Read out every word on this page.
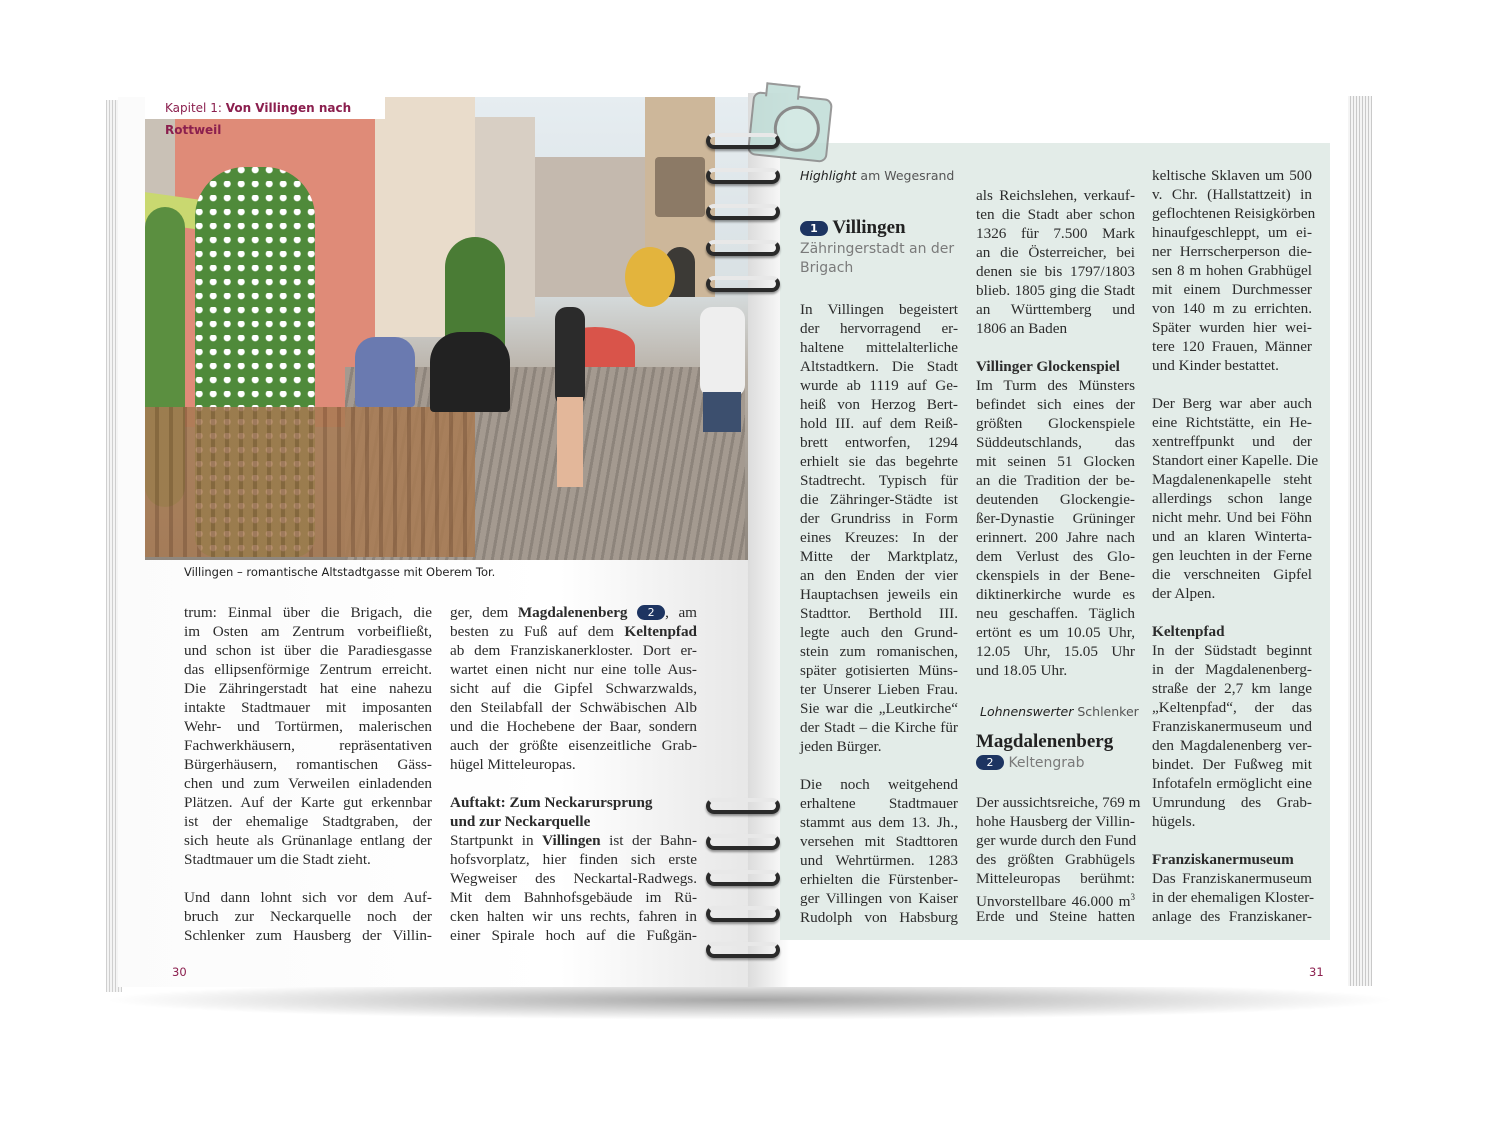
Kapitel 1: Von Villingen nach Rottweil
Villingen – romantische Altstadtgasse mit Oberem Tor.
trum: Einmal über die Brigach, die
im Osten am Zentrum vorbeifließt,
und schon ist über die Paradiesgasse
das ellipsenförmige Zentrum erreicht.
Die Zähringerstadt hat eine nahezu
intakte Stadtmauer mit imposanten
Wehr- und Tortürmen, malerischen
Fachwerkhäusern, repräsentativen
Bürgerhäusern, romantischen Gäss-
chen und zum Verweilen einladenden
Plätzen. Auf der Karte gut erkennbar
ist der ehemalige Stadtgraben, der
sich heute als Grünanlage entlang der
Stadtmauer um die Stadt zieht.
Und dann lohnt sich vor dem Auf-
bruch zur Neckarquelle noch der
Schlenker zum Hausberg der Villin-
ger, dem Magdalenenberg 2 , am
besten zu Fuß auf dem Keltenpfad
ab dem Franziskanerkloster. Dort er-
wartet einen nicht nur eine tolle Aus-
sicht auf die Gipfel Schwarzwalds,
den Steilabfall der Schwäbischen Alb
und die Hochebene der Baar, sondern
auch der größte eisenzeitliche Grab-
hügel Mitteleuropas.
Auftakt: Zum Neckarursprung
und zur Neckarquelle
Startpunkt in Villingen ist der Bahn-
hofsvorplatz, hier finden sich erste
Wegweiser des Neckartal-Radwegs.
Mit dem Bahnhofsgebäude im Rü-
cken halten wir uns rechts, fahren in
einer Spirale hoch auf die Fußgän-
Highlight am Wegesrand
1 Villingen
Zähringerstadt an der
Brigach
In Villingen begeistert
der hervorragend er-
haltene mittelalterliche
Altstadtkern. Die Stadt
wurde ab 1119 auf Ge-
heiß von Herzog Bert-
hold III. auf dem Reiß-
brett entworfen, 1294
erhielt sie das begehrte
Stadtrecht. Typisch für
die Zähringer-Städte ist
der Grundriss in Form
eines Kreuzes: In der
Mitte der Marktplatz,
an den Enden der vier
Hauptachsen jeweils ein
Stadttor. Berthold III.
legte auch den Grund-
stein zum romanischen,
später gotisierten Müns-
ter Unserer Lieben Frau.
Sie war die „Leutkirche“
der Stadt – die Kirche für
jeden Bürger.
Die noch weitgehend
erhaltene Stadtmauer
stammt aus dem 13. Jh.,
versehen mit Stadttoren
und Wehrtürmen. 1283
erhielten die Fürstenber-
ger Villingen von Kaiser
Rudolph von Habsburg
als Reichslehen, verkauf-
ten die Stadt aber schon
1326 für 7.500 Mark
an die Österreicher, bei
denen sie bis 1797/1803
blieb. 1805 ging die Stadt
an Württemberg und
1806 an Baden
Villinger Glockenspiel
Im Turm des Münsters
befindet sich eines der
größten Glockenspiele
Süddeutschlands, das
mit seinen 51 Glocken
an die Tradition der be-
deutenden Glockengie-
ßer-Dynastie Grüninger
erinnert. 200 Jahre nach
dem Verlust des Glo-
ckenspiels in der Bene-
diktinerkirche wurde es
neu geschaffen. Täglich
ertönt es um 10.05 Uhr,
12.05 Uhr, 15.05 Uhr
und 18.05 Uhr.
Lohnenswerter Schlenker
Magdalenenberg
2 Keltengrab
Der aussichtsreiche, 769 m
hohe Hausberg der Villin-
ger wurde durch den Fund
des größten Grabhügels
Mitteleuropas berühmt:
Unvorstellbare 46.000 $m^3$
Erde und Steine hatten
keltische Sklaven um 500
v. Chr. (Hallstattzeit) in
geflochtenen Reisigkörben
hinaufgeschleppt, um ei-
ner Herrscherperson die-
sen 8 m hohen Grabhügel
mit einem Durchmesser
von 140 m zu errichten.
Später wurden hier wei-
tere 120 Frauen, Männer
und Kinder bestattet.
Der Berg war aber auch
eine Richtstätte, ein He-
xentreffpunkt und der
Standort einer Kapelle. Die
Magdalenenkapelle steht
allerdings schon lange
nicht mehr. Und bei Föhn
und an klaren Winterta-
gen leuchten in der Ferne
die verschneiten Gipfel
der Alpen.
Keltenpfad
In der Südstadt beginnt
in der Magdalenenberg-
straße der 2,7 km lange
„Keltenpfad“, der das
Franziskanermuseum und
den Magdalenenberg ver-
bindet. Der Fußweg mit
Infotafeln ermöglicht eine
Umrundung des Grab-
hügels.
Franziskanermuseum
Das Franziskanermuseum
in der ehemaligen Kloster-
anlage des Franziskaner-
30	31
